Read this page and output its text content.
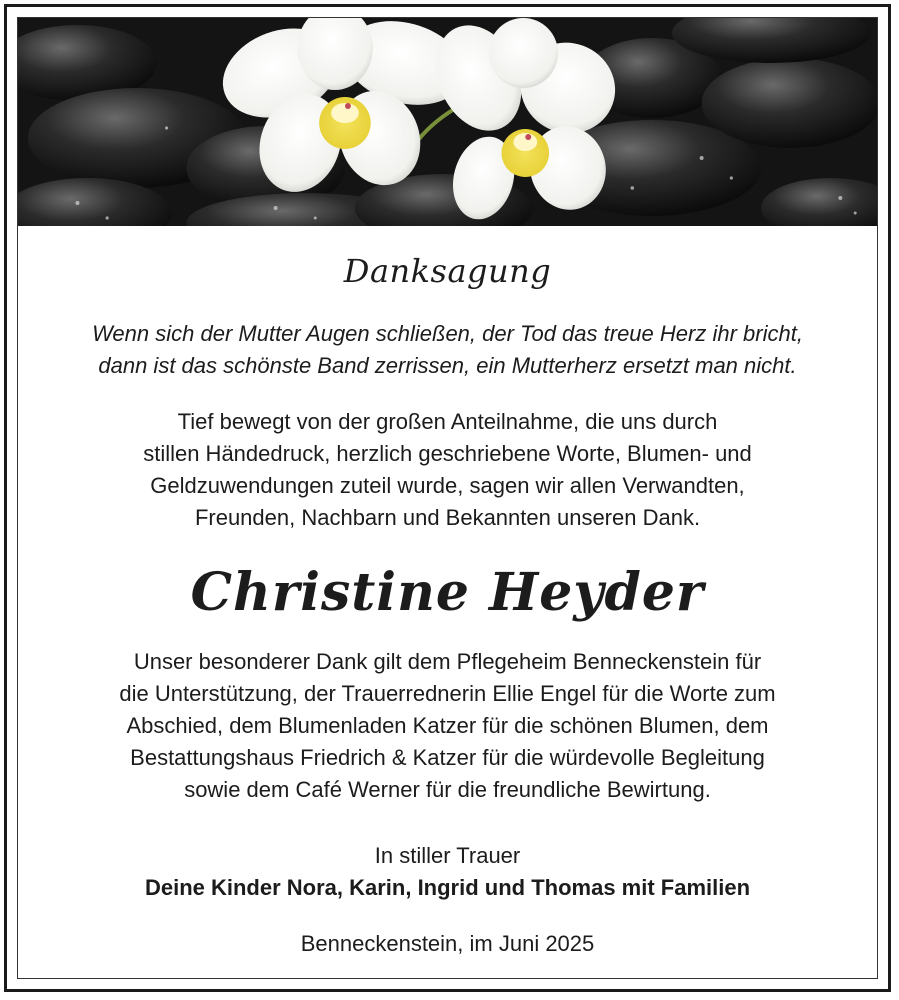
Danksagung
Wenn sich der Mutter Augen schließen, der Tod das treue Herz ihr bricht,
dann ist das schönste Band zerrissen, ein Mutterherz ersetzt man nicht.
Tief bewegt von der großen Anteilnahme, die uns durch
stillen Händedruck, herzlich geschriebene Worte, Blumen- und
Geldzuwendungen zuteil wurde, sagen wir allen Verwandten,
Freunden, Nachbarn und Bekannten unseren Dank.
Christine Heyder
Unser besonderer Dank gilt dem Pflegeheim Benneckenstein für
die Unterstützung, der Trauerrednerin Ellie Engel für die Worte zum
Abschied, dem Blumenladen Katzer für die schönen Blumen, dem
Bestattungshaus Friedrich & Katzer für die würdevolle Begleitung
sowie dem Café Werner für die freundliche Bewirtung.
In stiller Trauer
Deine Kinder Nora, Karin, Ingrid und Thomas mit Familien
Benneckenstein, im Juni 2025
